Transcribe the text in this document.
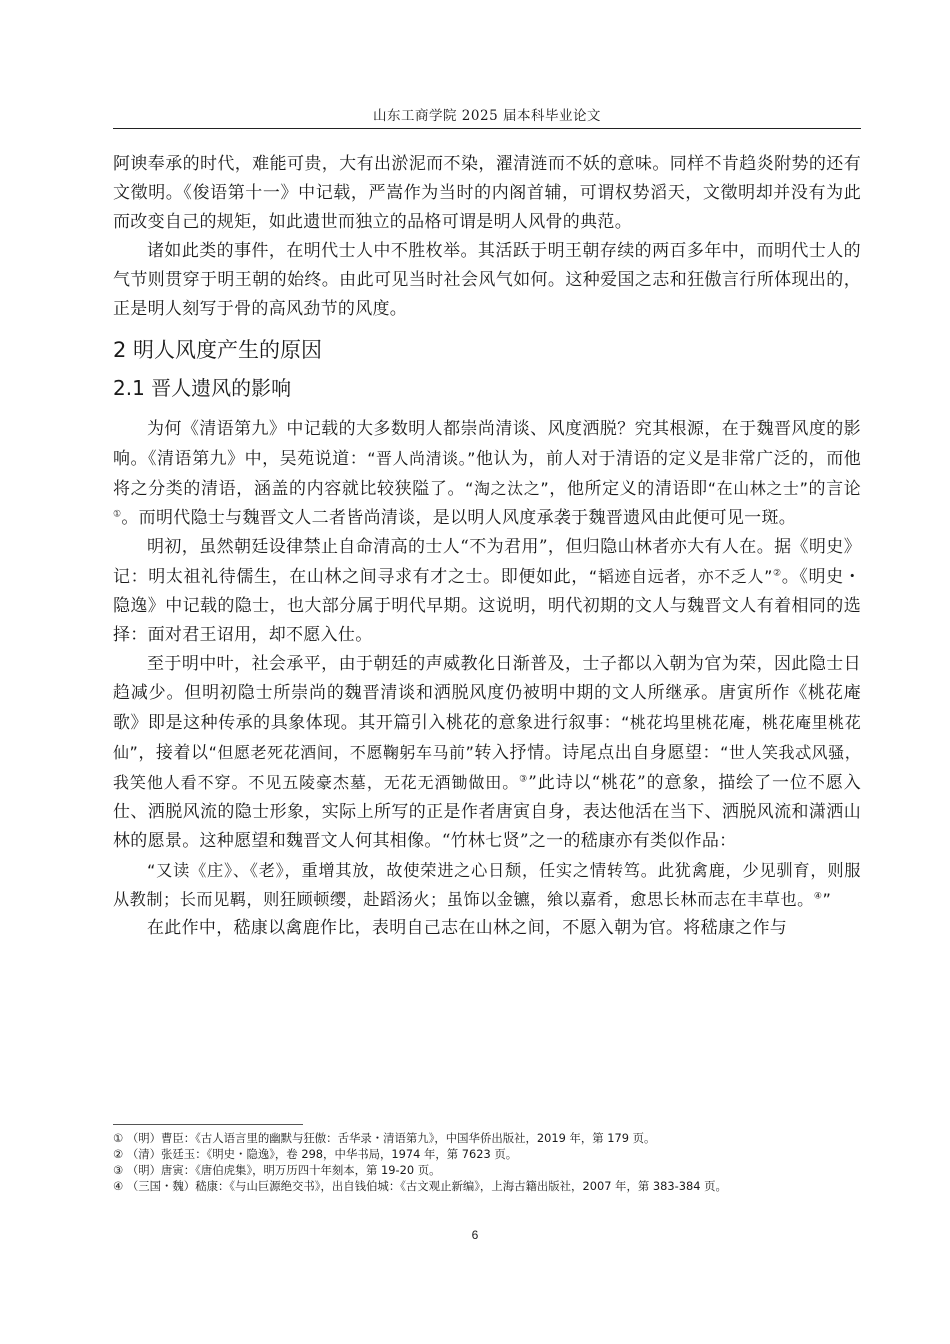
山东工商学院 2025 届本科毕业论文

阿谀奉承的时代，难能可贵，大有出淤泥而不染，濯清涟而不妖的意味。同样不肯趋炎附势的还有文徵明。《俊语第十一》中记载，严嵩作为当时的内阁首辅，可谓权势滔天，文徵明却并没有为此而改变自己的规矩，如此遗世而独立的品格可谓是明人风骨的典范。

诸如此类的事件，在明代士人中不胜枚举。其活跃于明王朝存续的两百多年中，而明代士人的气节则贯穿于明王朝的始终。由此可见当时社会风气如何。这种爱国之志和狂傲言行所体现出的，正是明人刻写于骨的高风劲节的风度。

2 明人风度产生的原因
2.1 晋人遗风的影响

为何《清语第九》中记载的大多数明人都崇尚清谈、风度洒脱？究其根源，在于魏晋风度的影响。《清语第九》中，吴苑说道：“晋人尚清谈。”他认为，前人对于清语的定义是非常广泛的，而他将之分类的清语，涵盖的内容就比较狭隘了。“淘之汰之”，他所定义的清语即“在山林之士”的言论①。而明代隐士与魏晋文人二者皆尚清谈，是以明人风度承袭于魏晋遗风由此便可见一斑。

明初，虽然朝廷设律禁止自命清高的士人“不为君用”，但归隐山林者亦大有人在。据《明史》记：明太祖礼待儒生，在山林之间寻求有才之士。即便如此，“韬迹自远者，亦不乏人”②。《明史・隐逸》中记载的隐士，也大部分属于明代早期。这说明，明代初期的文人与魏晋文人有着相同的选择：面对君王诏用，却不愿入仕。

至于明中叶，社会承平，由于朝廷的声威教化日渐普及，士子都以入朝为官为荣，因此隐士日趋减少。但明初隐士所崇尚的魏晋清谈和洒脱风度仍被明中期的文人所继承。唐寅所作《桃花庵歌》即是这种传承的具象体现。其开篇引入桃花的意象进行叙事：“桃花坞里桃花庵，桃花庵里桃花仙”，接着以“但愿老死花酒间，不愿鞠躬车马前”转入抒情。诗尾点出自身愿望：“世人笑我忒风骚，我笑他人看不穿。不见五陵豪杰墓，无花无酒锄做田。③”此诗以“桃花”的意象，描绘了一位不愿入仕、洒脱风流的隐士形象，实际上所写的正是作者唐寅自身，表达他活在当下、洒脱风流和潇洒山林的愿景。这种愿望和魏晋文人何其相像。“竹林七贤”之一的嵇康亦有类似作品：

“又读《庄》、《老》，重增其放，故使荣进之心日颓，任实之情转笃。此犹禽鹿，少见驯育，则服从教制；长而见羁，则狂顾顿缨，赴蹈汤火；虽饰以金镳，飨以嘉肴，愈思长林而志在丰草也。④”

在此作中，嵇康以禽鹿作比，表明自己志在山林之间，不愿入朝为官。将嵇康之作与

① （明）曹臣：《古人语言里的幽默与狂傲：舌华录・清语第九》，中国华侨出版社，2019 年，第 179 页。

② （清）张廷玉：《明史・隐逸》，卷 298，中华书局，1974 年，第 7623 页。

③ （明）唐寅：《唐伯虎集》，明万历四十年刻本，第 19-20 页。

④ （三国・魏）嵇康：《与山巨源绝交书》，出自钱伯城：《古文观止新编》，上海古籍出版社，2007 年，第 383-384 页。

6
